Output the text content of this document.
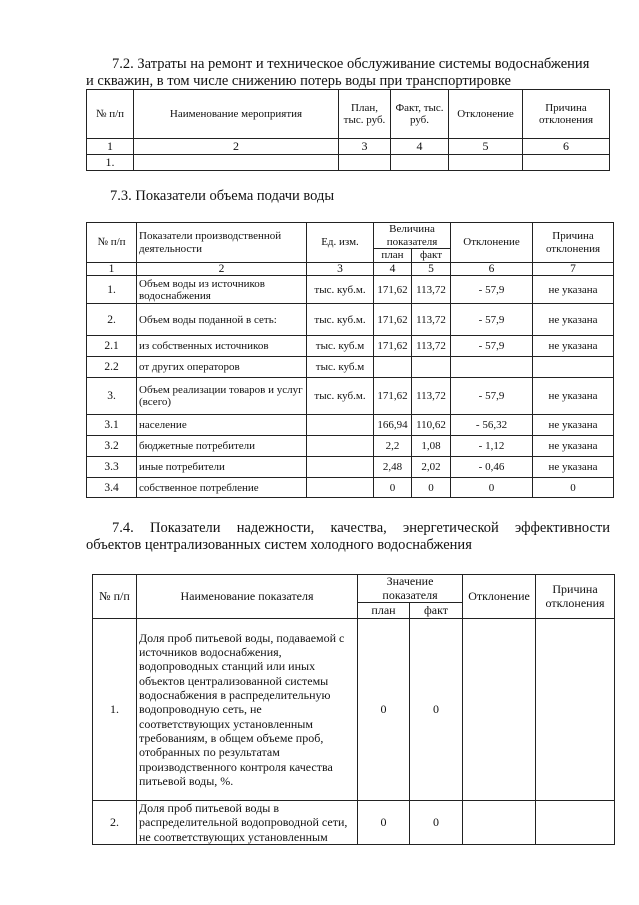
7.2. Затраты на ремонт и техническое обслуживание системы водоснабжения
и скважин, в том числе снижению потерь воды при транспортировке

№ п/п	Наименование мероприятия	План, тыс. руб.	Факт, тыс. руб.	Отклонение	Причина отклонения
1	2	3	4	5	6
1.					

7.3. Показатели объема подачи воды

№ п/п	Показатели производственной деятельности	Ед. изм.	Величина показателя		Отклонение	Причина отклонения
			план	факт		
1	2	3	4	5	6	7
1.	Объем воды из источников водоснабжения	тыс. куб.м.	171,62	113,72	- 57,9	не указана
2.	Объем воды поданной в сеть:	тыс. куб.м.	171,62	113,72	- 57,9	не указана
2.1	из собственных источников	тыс. куб.м	171,62	113,72	- 57,9	не указана
2.2	от других операторов	тыс. куб.м				
3.	Объем реализации товаров и услуг (всего)	тыс. куб.м.	171,62	113,72	- 57,9	не указана
3.1	население		166,94	110,62	- 56,32	не указана
3.2	бюджетные потребители		2,2	1,08	- 1,12	не указана
3.3	иные потребители		2,48	2,02	- 0,46	не указана
3.4	собственное потребление		0	0	0	0

7.4. Показатели надежности, качества, энергетической эффективности
объектов централизованных систем холодного водоснабжения

№ п/п	Наименование показателя	Значение показателя		Отклонение	Причина отклонения
		план	факт		
1.	Доля проб питьевой воды, подаваемой с источников водоснабжения, водопроводных станций или иных объектов централизованной системы водоснабжения в распределительную водопроводную сеть, не соответствующих установленным требованиям, в общем объеме проб, отобранных по результатам производственного контроля качества питьевой воды, %.	0	0		
2.	Доля проб питьевой воды в распределительной водопроводной сети, не соответствующих установленным	0	0		
